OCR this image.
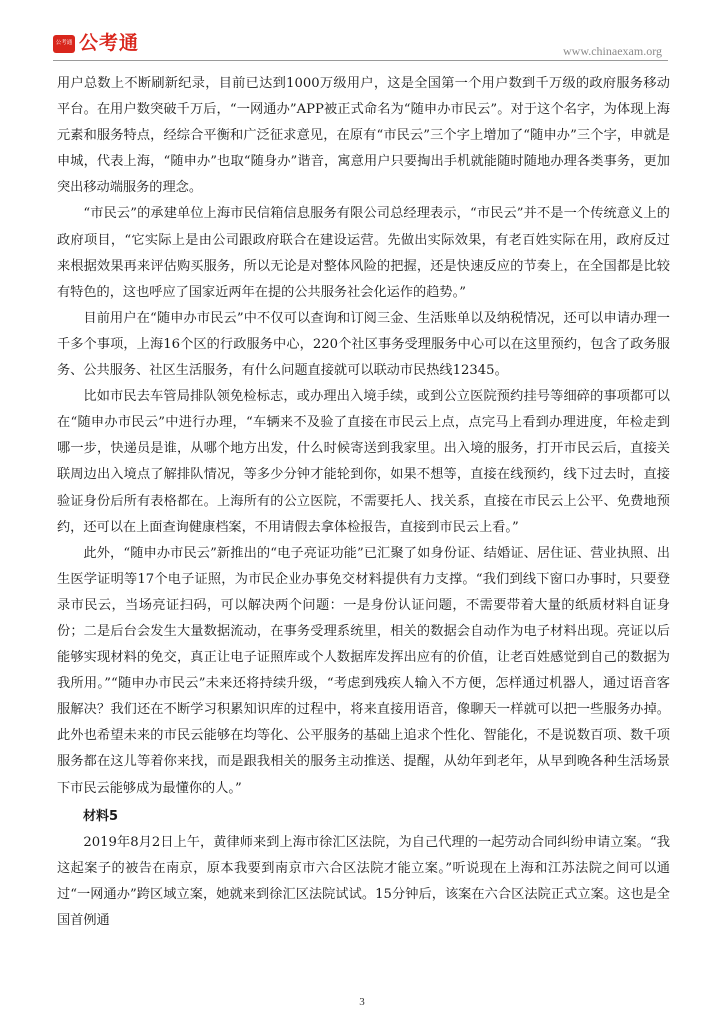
公考通 公考通	www.chinaexam.org

用户总数上不断刷新纪录，目前已达到1000万级用户，这是全国第一个用户数到千万级的政府服务移动平台。在用户数突破千万后，“一网通办”APP被正式命名为“随申办市民云”。对于这个名字，为体现上海元素和服务特点，经综合平衡和广泛征求意见，在原有“市民云”三个字上增加了“随申办”三个字，申就是申城，代表上海，“随申办”也取“随身办”谐音，寓意用户只要掏出手机就能随时随地办理各类事务，更加突出移动端服务的理念。

“市民云”的承建单位上海市民信箱信息服务有限公司总经理表示，“市民云”并不是一个传统意义上的政府项目，“它实际上是由公司跟政府联合在建设运营。先做出实际效果，有老百姓实际在用，政府反过来根据效果再来评估购买服务，所以无论是对整体风险的把握，还是快速反应的节奏上，在全国都是比较有特色的，这也呼应了国家近两年在提的公共服务社会化运作的趋势。”

目前用户在“随申办市民云”中不仅可以查询和订阅三金、生活账单以及纳税情况，还可以申请办理一千多个事项，上海16个区的行政服务中心，220个社区事务受理服务中心可以在这里预约，包含了政务服务、公共服务、社区生活服务，有什么问题直接就可以联动市民热线12345。

比如市民去车管局排队领免检标志，或办理出入境手续，或到公立医院预约挂号等细碎的事项都可以在“随申办市民云”中进行办理，“车辆来不及验了直接在市民云上点，点完马上看到办理进度，年检走到哪一步，快递员是谁，从哪个地方出发，什么时候寄送到我家里。出入境的服务，打开市民云后，直接关联周边出入境点了解排队情况，等多少分钟才能轮到你，如果不想等，直接在线预约，线下过去时，直接验证身份后所有表格都在。上海所有的公立医院，不需要托人、找关系，直接在市民云上公平、免费地预约，还可以在上面查询健康档案，不用请假去拿体检报告，直接到市民云上看。”

此外，“随申办市民云”新推出的“电子亮证功能”已汇聚了如身份证、结婚证、居住证、营业执照、出生医学证明等17个电子证照，为市民企业办事免交材料提供有力支撑。“我们到线下窗口办事时，只要登录市民云，当场亮证扫码，可以解决两个问题：一是身份认证问题，不需要带着大量的纸质材料自证身份；二是后台会发生大量数据流动，在事务受理系统里，相关的数据会自动作为电子材料出现。亮证以后能够实现材料的免交，真正让电子证照库或个人数据库发挥出应有的价值，让老百姓感觉到自己的数据为我所用。”“随申办市民云”未来还将持续升级，“考虑到残疾人输入不方便，怎样通过机器人，通过语音客服解决？我们还在不断学习积累知识库的过程中，将来直接用语音，像聊天一样就可以把一些服务办掉。此外也希望未来的市民云能够在均等化、公平服务的基础上追求个性化、智能化，不是说数百项、数千项服务都在这儿等着你来找，而是跟我相关的服务主动推送、提醒，从幼年到老年，从早到晚各种生活场景下市民云能够成为最懂你的人。”

材料5

2019年8月2日上午，黄律师来到上海市徐汇区法院，为自己代理的一起劳动合同纠纷申请立案。“我这起案子的被告在南京，原本我要到南京市六合区法院才能立案。”听说现在上海和江苏法院之间可以通过“一网通办”跨区域立案，她就来到徐汇区法院试试。15分钟后，该案在六合区法院正式立案。这也是全国首例通

3
